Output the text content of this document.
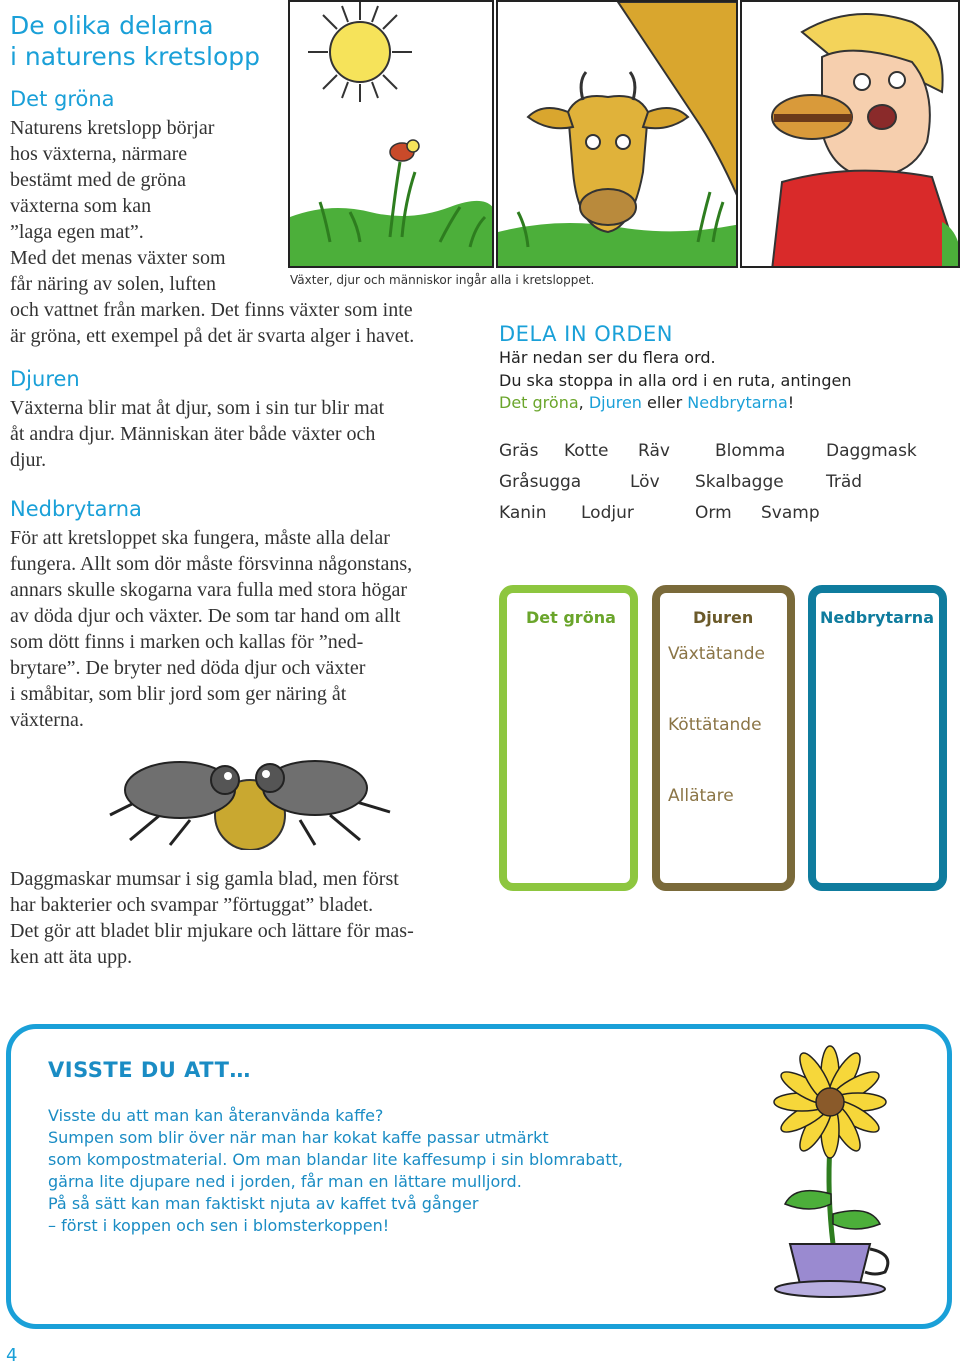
De olika delarna
i naturens kretslopp
Det gröna
Naturens kretslopp börjar
hos växterna, närmare
bestämt med de gröna
växterna som kan
”laga egen mat”.
Med det menas växter som
får näring av solen, luften
och vattnet från marken. Det finns växter som inte
är gröna, ett exempel på det är svarta alger i havet.
Djuren
Växterna blir mat åt djur, som i sin tur blir mat
åt andra djur. Människan äter både växter och
djur.
Nedbrytarna
För att kretsloppet ska fungera, måste alla delar
fungera. Allt som dör måste försvinna någonstans,
annars skulle skogarna vara fulla med stora högar
av döda djur och växter. De som tar hand om allt
som dött finns i marken och kallas för ”ned-
brytare”. De bryter ned döda djur och växter
i småbitar, som blir jord som ger näring åt
växterna.
Växter, djur och människor ingår alla i kretsloppet.
DELA IN ORDEN
Här nedan ser du flera ord.
Du ska stoppa in alla ord i en ruta, antingen
Det gröna, Djuren eller Nedbrytarna!
Gräs Kotte Räv	Blomma Daggmask
Gråsugga	Löv Skalbagge Träd
Kanin Lodjur	Orm Svamp
Det gröna	Djuren
Växtätande
Köttätande
Allätare
Nedbrytarna
Daggmaskar mumsar i sig gamla blad, men först
har bakterier och svampar ”förtuggat” bladet.
Det gör att bladet blir mjukare och lättare för mas-
ken att äta upp.
VISSTE DU ATT…
Visste du att man kan återanvända kaffe?
Sumpen som blir över när man har kokat kaffe passar utmärkt
som kompostmaterial. Om man blandar lite kaffesump i sin blomrabatt,
gärna lite djupare ned i jorden, får man en lättare mulljord.
På så sätt kan man faktiskt njuta av kaffet två gånger
– först i koppen och sen i blomsterkoppen!
4
